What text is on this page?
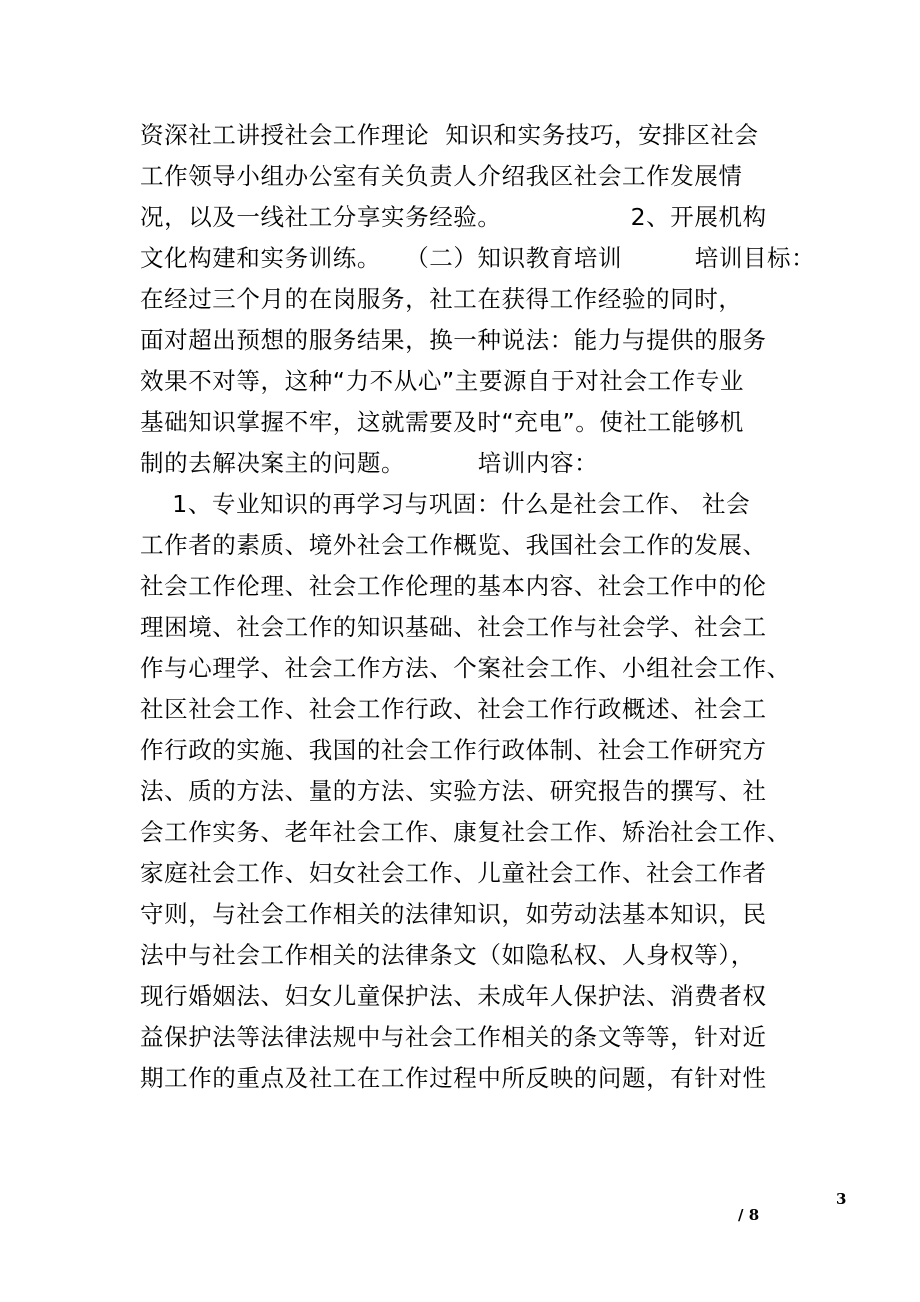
资深社工讲授社会工作理论  知识和实务技巧，安排区社会
工作领导小组办公室有关负责人介绍我区社会工作发展情
况，以及一线社工分享实务经验。                2、开展机构
文化构建和实务训练。   （二）知识教育培训         培训目标：
在经过三个月的在岗服务，社工在获得工作经验的同时，
面对超出预想的服务结果，换一种说法：能力与提供的服务
效果不对等，这种“力不从心”主要源自于对社会工作专业
基础知识掌握不牢，这就需要及时“充电”。使社工能够机
制的去解决案主的问题。         培训内容：
1、专业知识的再学习与巩固：什么是社会工作、 社会
工作者的素质、境外社会工作概览、我国社会工作的发展、
社会工作伦理、社会工作伦理的基本内容、社会工作中的伦
理困境、社会工作的知识基础、社会工作与社会学、社会工
作与心理学、社会工作方法、个案社会工作、小组社会工作、
社区社会工作、社会工作行政、社会工作行政概述、社会工
作行政的实施、我国的社会工作行政体制、社会工作研究方
法、质的方法、量的方法、实验方法、研究报告的撰写、社
会工作实务、老年社会工作、康复社会工作、矫治社会工作、
家庭社会工作、妇女社会工作、儿童社会工作、社会工作者
守则，与社会工作相关的法律知识，如劳动法基本知识，民
法中与社会工作相关的法律条文（如隐私权、人身权等），
现行婚姻法、妇女儿童保护法、未成年人保护法、消费者权
益保护法等法律法规中与社会工作相关的条文等等，针对近
期工作的重点及社工在工作过程中所反映的问题，有针对性
3
/ 8
